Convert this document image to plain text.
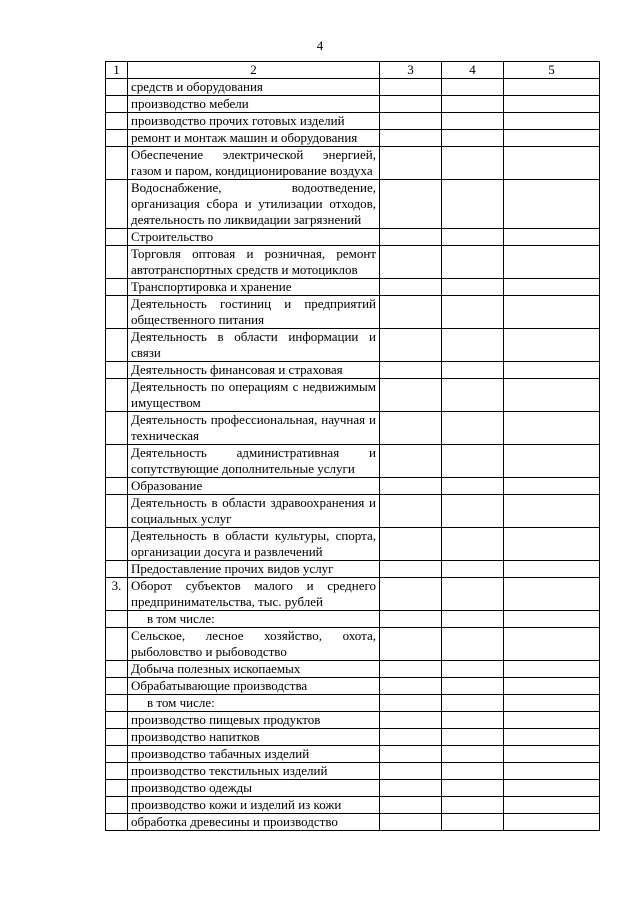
4
1	2	3	4	5
	средств и оборудования			
	производство мебели			
	производство прочих готовых изделий			
	ремонт и монтаж машин и оборудования			
	Обеспечение электрической энергией, газом и паром, кондиционирование воздуха			
	Водоснабжение, водоотведение, организация сбора и утилизации отходов, деятельность по ликвидации загрязнений			
	Строительство			
	Торговля оптовая и розничная, ремонт автотранспортных средств и мотоциклов			
	Транспортировка и хранение			
	Деятельность гостиниц и предприятий общественного питания			
	Деятельность в области информации и связи			
	Деятельность финансовая и страховая			
	Деятельность по операциям с недвижимым имуществом			
	Деятельность профессиональная, научная и техническая			
	Деятельность административная и сопутствующие дополнительные услуги			
	Образование			
	Деятельность в области здравоохранения и социальных услуг			
	Деятельность в области культуры, спорта, организации досуга и развлечений			
	Предоставление прочих видов услуг			
3.	Оборот субъектов малого и среднего предпринимательства, тыс. рублей			
	в том числе:			
	Сельское, лесное хозяйство, охота, рыболовство и рыбоводство			
	Добыча полезных ископаемых			
	Обрабатывающие производства			
	в том числе:			
	производство пищевых продуктов			
	производство напитков			
	производство табачных изделий			
	производство текстильных изделий			
	производство одежды			
	производство кожи и изделий из кожи			
	обработка древесины и производство			
